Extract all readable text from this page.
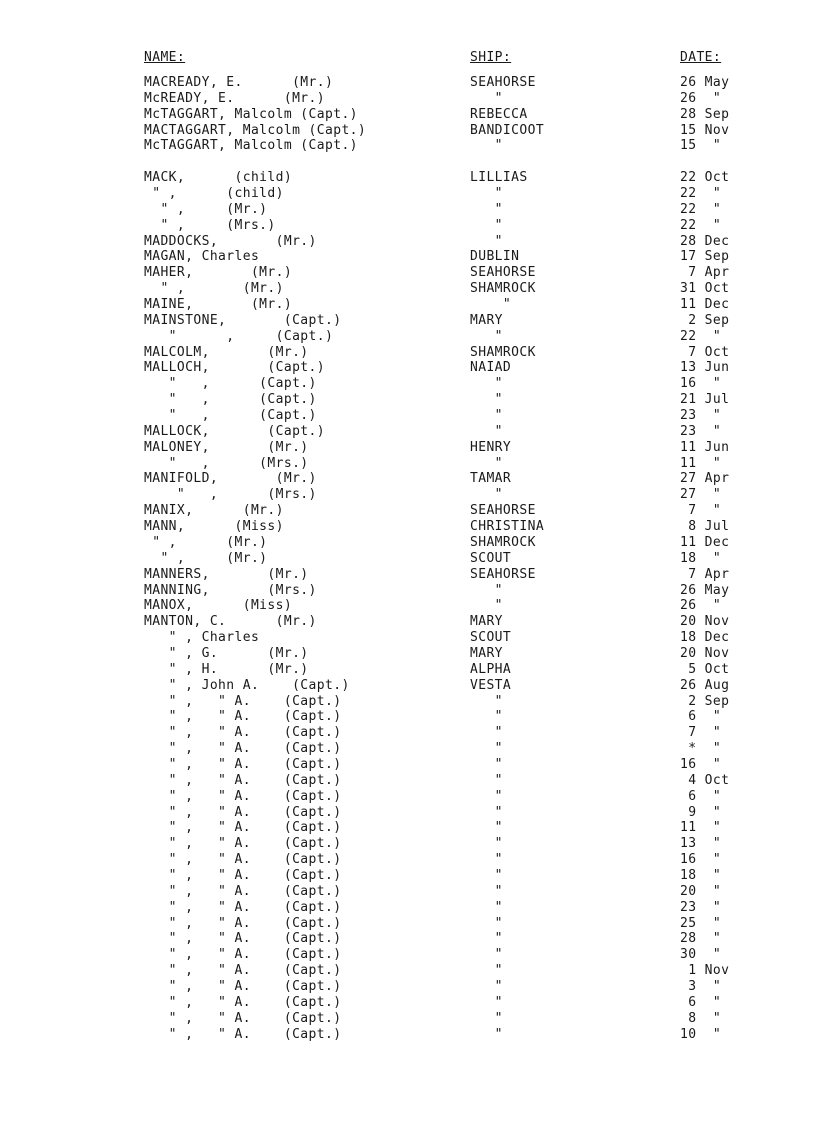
NAME:	SHIP:	DATE:
MACREADY, E.      (Mr.)	SEAHORSE	26 May
McREADY, E.      (Mr.)	"	26  "
McTAGGART, Malcolm (Capt.)	REBECCA	28 Sep
MACTAGGART, Malcolm (Capt.)	BANDICOOT	15 Nov
McTAGGART, Malcolm (Capt.)	"	15  "
MACK,      (child)	LILLIAS	22 Oct
" ,      (child)	"	22  "
" ,     (Mr.)	"	22  "
" ,     (Mrs.)	"	22  "
MADDOCKS,       (Mr.)	"	28 Dec
MAGAN, Charles	DUBLIN	17 Sep
MAHER,       (Mr.)	SEAHORSE	7 Apr
" ,       (Mr.)	SHAMROCK	31 Oct
MAINE,       (Mr.)	"	11 Dec
MAINSTONE,       (Capt.)	MARY	2 Sep
"      ,     (Capt.)	"	22  "
MALCOLM,       (Mr.)	SHAMROCK	7 Oct
MALLOCH,       (Capt.)	NAIAD	13 Jun
"   ,      (Capt.)	"	16  "
"   ,      (Capt.)	"	21 Jul
"   ,      (Capt.)	"	23  "
MALLOCK,       (Capt.)	"	23  "
MALONEY,       (Mr.)	HENRY	11 Jun
"   ,      (Mrs.)	"	11  "
MANIFOLD,       (Mr.)	TAMAR	27 Apr
"   ,      (Mrs.)	"	27  "
MANIX,      (Mr.)	SEAHORSE	7  "
MANN,      (Miss)	CHRISTINA	8 Jul
" ,      (Mr.)	SHAMROCK	11 Dec
" ,     (Mr.)	SCOUT	18  "
MANNERS,       (Mr.)	SEAHORSE	7 Apr
MANNING,       (Mrs.)	"	26 May
MANOX,      (Miss)	"	26  "
MANTON, C.      (Mr.)	MARY	20 Nov
" , Charles	SCOUT	18 Dec
" , G.      (Mr.)	MARY	20 Nov
" , H.      (Mr.)	ALPHA	5 Oct
" , John A.    (Capt.)	VESTA	26 Aug
" ,   " A.    (Capt.)	"	2 Sep
" ,   " A.    (Capt.)	"	6  "
" ,   " A.    (Capt.)	"	7  "
" ,   " A.    (Capt.)	"	*  "
" ,   " A.    (Capt.)	"	16  "
" ,   " A.    (Capt.)	"	4 Oct
" ,   " A.    (Capt.)	"	6  "
" ,   " A.    (Capt.)	"	9  "
" ,   " A.    (Capt.)	"	11  "
" ,   " A.    (Capt.)	"	13  "
" ,   " A.    (Capt.)	"	16  "
" ,   " A.    (Capt.)	"	18  "
" ,   " A.    (Capt.)	"	20  "
" ,   " A.    (Capt.)	"	23  "
" ,   " A.    (Capt.)	"	25  "
" ,   " A.    (Capt.)	"	28  "
" ,   " A.    (Capt.)	"	30  "
" ,   " A.    (Capt.)	"	1 Nov
" ,   " A.    (Capt.)	"	3  "
" ,   " A.    (Capt.)	"	6  "
" ,   " A.    (Capt.)	"	8  "
" ,   " A.    (Capt.)	"	10  "
